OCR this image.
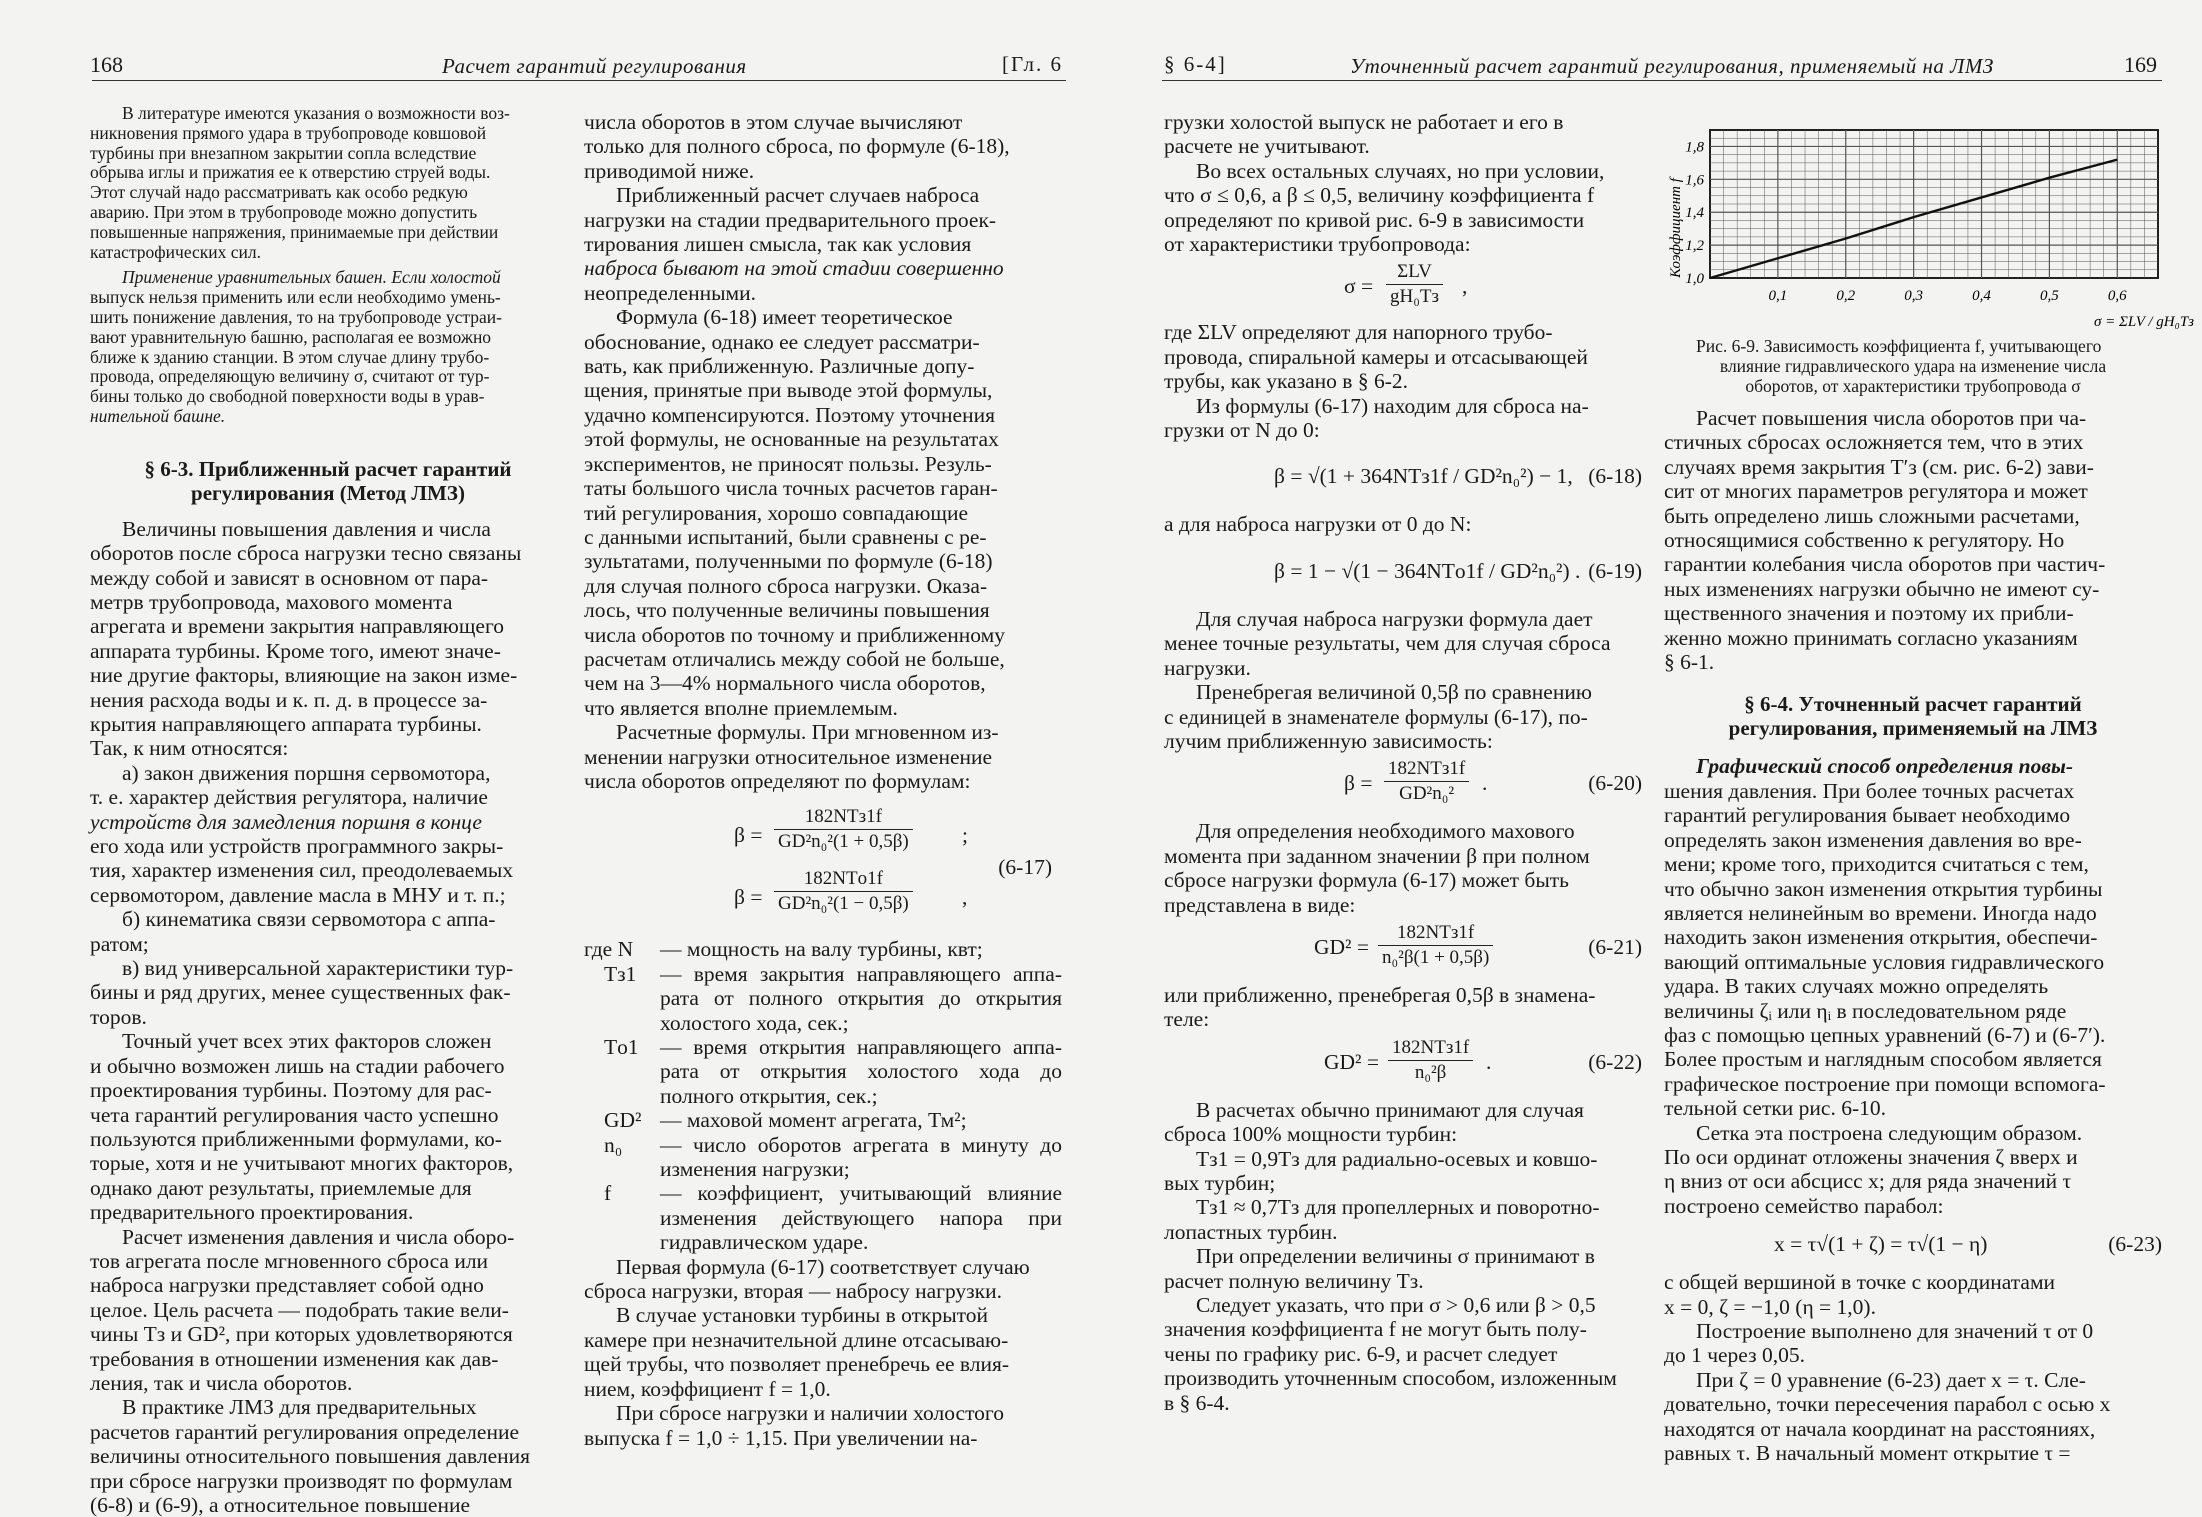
168	Расчет гарантий регулирования	[Гл. 6

В литературе имеются указания о возможности воз-

никновения прямого удара в трубопроводе ковшовой

турбины при внезапном закрытии сопла вследствие

обрыва иглы и прижатия ее к отверстию струей воды.

Этот случай надо рассматривать как особо редкую

аварию. При этом в трубопроводе можно допустить

повышенные напряжения, принимаемые при действии

катастрофических сил.

Применение уравнительных башен. Если холостой

выпуск нельзя применить или если необходимо умень-

шить понижение давления, то на трубопроводе устраи-

вают уравнительную башню, располагая ее возможно

ближе к зданию станции. В этом случае длину трубо-

провода, определяющую величину σ, считают от тур-

бины только до свободной поверхности воды в урав-

нительной башне.

§ 6-3. Приближенный расчет гарантий

регулирования (Метод ЛМЗ)

Величины повышения давления и числа

оборотов после сброса нагрузки тесно связаны

между собой и зависят в основном от пара-

метрв трубопровода, махового момента

агрегата и времени закрытия направляющего

аппарата турбины. Кроме того, имеют значе-

ние другие факторы, влияющие на закон изме-

нения расхода воды и к. п. д. в процессе за-

крытия направляющего аппарата турбины.

Так, к ним относятся:

а) закон движения поршня сервомотора,

т. е. характер действия регулятора, наличие

устройств для замедления поршня в конце

его хода или устройств программного закры-

тия, характер изменения сил, преодолеваемых

сервомотором, давление масла в МНУ и т. п.;

б) кинематика связи сервомотора с аппа-

ратом;

в) вид универсальной характеристики тур-

бины и ряд других, менее существенных фак-

торов.

Точный учет всех этих факторов сложен

и обычно возможен лишь на стадии рабочего

проектирования турбины. Поэтому для рас-

чета гарантий регулирования часто успешно

пользуются приближенными формулами, ко-

торые, хотя и не учитывают многих факторов,

однако дают результаты, приемлемые для

предварительного проектирования.

Расчет изменения давления и числа оборо-

тов агрегата после мгновенного сброса или

наброса нагрузки представляет собой одно

целое. Цель расчета — подобрать такие вели-

чины Tз и GD², при которых удовлетворяются

требования в отношении изменения как дав-

ления, так и числа оборотов.

В практике ЛМЗ для предварительных

расчетов гарантий регулирования определение

величины относительного повышения давления

при сбросе нагрузки производят по формулам

(6-8) и (6-9), а относительное повышение

числа оборотов в этом случае вычисляют

только для полного сброса, по формуле (6-18),

приводимой ниже.

Приближенный расчет случаев наброса

нагрузки на стадии предварительного проек-

тирования лишен смысла, так как условия

наброса бывают на этой стадии совершенно

неопределенными.

Формула (6-18) имеет теоретическое

обоснование, однако ее следует рассматри-

вать, как приближенную. Различные допу-

щения, принятые при выводе этой формулы,

удачно компенсируются. Поэтому уточнения

этой формулы, не основанные на результатах

экспериментов, не приносят пользы. Резуль-

таты большого числа точных расчетов гаран-

тий регулирования, хорошо совпадающие

с данными испытаний, были сравнены с ре-

зультатами, полученными по формуле (6-18)

для случая полного сброса нагрузки. Оказа-

лось, что полученные величины повышения

числа оборотов по точному и приближенному

расчетам отличались между собой не больше,

чем на 3—4% нормального числа оборотов,

что является вполне приемлемым.

Расчетные формулы. При мгновенном из-

менении нагрузки относительное изменение

числа оборотов определяют по формулам:

β =
182NTз1f
GD²n₀²(1 + 0,5β) ;
β =
182NTо1f
GD²n₀²(1 − 0,5β) ,
(6-17)
где N — мощность на валу турбины, квт;
Tз1 — время закрытия направляющего аппа-рата от полного открытия до открытия холостого хода, сек.;
Tо1 — время открытия направляющего аппа-рата от открытия холостого хода до полного открытия, сек.;
GD² — маховой момент агрегата, Тм²;
n₀ — число оборотов агрегата в минуту до изменения нагрузки;
f — коэффициент, учитывающий влияние изменения действующего напора при гидравлическом ударе.

Первая формула (6-17) соответствует случаю

сброса нагрузки, вторая — набросу нагрузки.

В случае установки турбины в открытой

камере при незначительной длине отсасываю-

щей трубы, что позволяет пренебречь ее влия-

нием, коэффициент f = 1,0.

При сбросе нагрузки и наличии холостого

выпуска f = 1,0 ÷ 1,15. При увеличении на-

§ 6-4]	Уточненный расчет гарантий регулирования, применяемый на ЛМЗ	169

грузки холостой выпуск не работает и его в

расчете не учитывают.

Во всех остальных случаях, но при условии,

что σ ≤ 0,6, а β ≤ 0,5, величину коэффициента f

определяют по кривой рис. 6-9 в зависимости

от характеристики трубопровода:

σ =
ΣLV
gH₀Tз ,

где ΣLV определяют для напорного трубо-

провода, спиральной камеры и отсасывающей

трубы, как указано в § 6-2.

Из формулы (6-17) находим для сброса на-

грузки от N до 0:

β = √(1 + 364NTз1f / GD²n₀²) − 1, (6-18)

а для наброса нагрузки от 0 до N:

β = 1 − √(1 − 364NTо1f / GD²n₀²) . (6-19)

Для случая наброса нагрузки формула дает

менее точные результаты, чем для случая сброса

нагрузки.

Пренебрегая величиной 0,5β по сравнению

с единицей в знаменателе формулы (6-17), по-

лучим приближенную зависимость:

β =
182NTз1f
GD²n₀²	.	(6-20)

Для определения необходимого махового

момента при заданном значении β при полном

сбросе нагрузки формула (6-17) может быть

представлена в виде:

GD² =
182NTз1f
n₀²β(1 + 0,5β)	(6-21)

или приближенно, пренебрегая 0,5β в знамена-

теле:

GD² =
182NTз1f
n₀²β	.	(6-22)

В расчетах обычно принимают для случая

сброса 100% мощности турбин:

Tз1 = 0,9Tз для радиально-осевых и ковшо-

вых турбин;

Tз1 ≈ 0,7Tз для пропеллерных и поворотно-

лопастных турбин.

При определении величины σ принимают в

расчет полную величину Tз.

Следует указать, что при σ > 0,6 или β > 0,5

значения коэффициента f не могут быть полу-

чены по графику рис. 6-9, и расчет следует

производить уточненным способом, изложенным

в § 6-4.

Коэффициент f
0,1	0,2	0,3	0,4	0,5	0,6
1,0
1,2
1,4
1,6
1,8
σ = ΣLV / gH₀Tз

Рис. 6-9. Зависимость коэффициента f, учитывающего

влияние гидравлического удара на изменение числа

оборотов, от характеристики трубопровода σ

Расчет повышения числа оборотов при ча-

стичных сбросах осложняется тем, что в этих

случаях время закрытия T′з (см. рис. 6-2) зави-

сит от многих параметров регулятора и может

быть определено лишь сложными расчетами,

относящимися собственно к регулятору. Но

гарантии колебания числа оборотов при частич-

ных изменениях нагрузки обычно не имеют су-

щественного значения и поэтому их прибли-

женно можно принимать согласно указаниям

§ 6-1.

§ 6-4. Уточненный расчет гарантий

регулирования, применяемый на ЛМЗ

Графический способ определения повы-

шения давления. При более точных расчетах

гарантий регулирования бывает необходимо

определять закон изменения давления во вре-

мени; кроме того, приходится считаться с тем,

что обычно закон изменения открытия турбины

является нелинейным во времени. Иногда надо

находить закон изменения открытия, обеспечи-

вающий оптимальные условия гидравлического

удара. В таких случаях можно определять

величины ζᵢ или ηᵢ в последовательном ряде

фаз с помощью цепных уравнений (6-7) и (6-7′).

Более простым и наглядным способом является

графическое построение при помощи вспомога-

тельной сетки рис. 6-10.

Сетка эта построена следующим образом.

По оси ординат отложены значения ζ вверх и

η вниз от оси абсцисс x; для ряда значений τ

построено семейство парабол:

x = τ√(1 + ζ) = τ√(1 − η)	(6-23)

с общей вершиной в точке с координатами

x = 0, ζ = −1,0 (η = 1,0).

Построение выполнено для значений τ от 0

до 1 через 0,05.

При ζ = 0 уравнение (6-23) дает x = τ. Сле-

довательно, точки пересечения парабол с осью x

находятся от начала координат на расстояниях,

равных τ. В начальный момент открытие τ =
